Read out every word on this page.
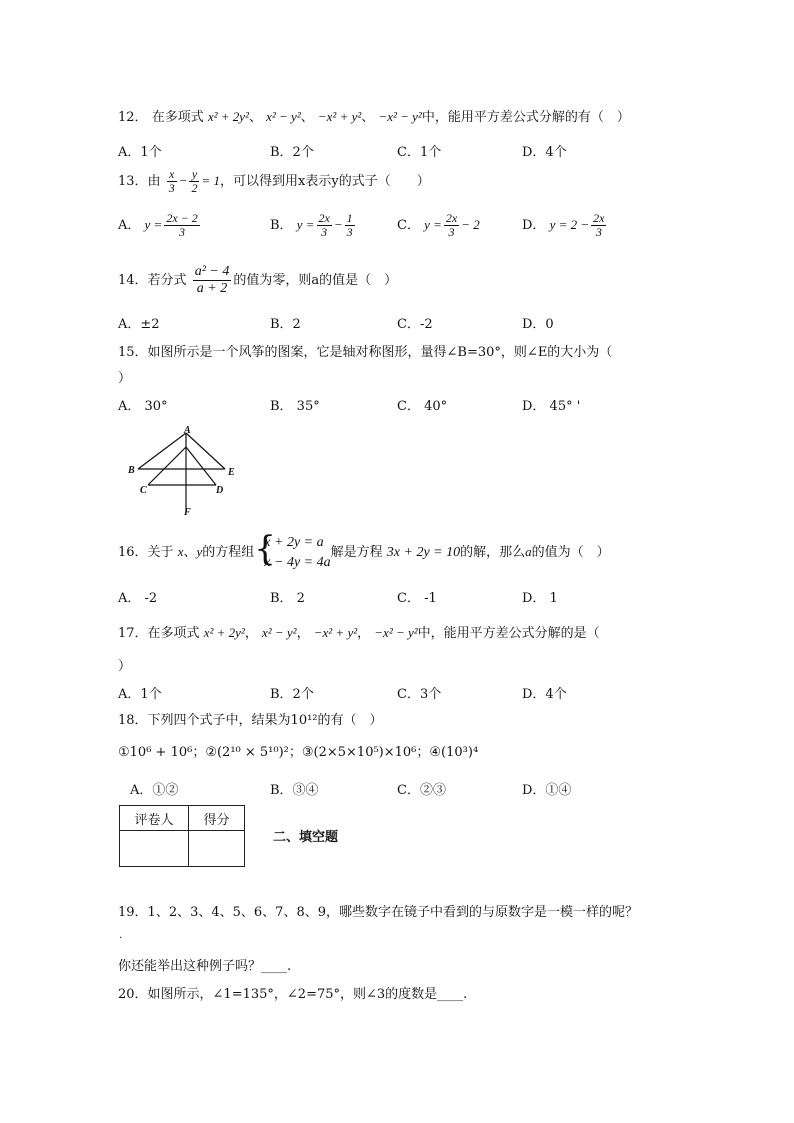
12． 在多项式 x² + 2y²、 x² − y²、 −x² + y²、 −x² − y²中，能用平方差公式分解的有（　）
A．1个	B．2个	C．1个	D．4个
13．由 $\frac{x}{3} - \frac{y}{2} = 1$，可以得到用x表示y的式子（　　）
A． $y = \frac{2x - 2}{3}$	B． $y = \frac{2x}{3} - \frac{1}{3}$	C． $y = \frac{2x}{3} - 2$	D． $y = 2 - \frac{2x}{3}$
14．若分式 $\frac{\text{a² − 4}}{a + 2}$ 的值为零，则a的值是（　）
A．±2	B．2	C．-2	D．0
15．如图所示是一个风筝的图案，它是轴对称图形，量得∠B=30°，则∠E的大小为（
）
A． 30°	B． 35°	C． 40°	D． 45° '
A
B
C	D
E
F
16．关于 x、y的方程组 {
x + 2y = a
x − 4y = 4a
解是方程 3x + 2y = 10的解，那么a的值为（　）
A． -2	B． 2	C． -1	D． 1
17．在多项式 x² + 2y²， x² − y²， −x² + y²， −x² − y²中，能用平方差公式分解的是（
）
A．1个	B．2个	C．3个	D．4个
18．下列四个式子中，结果为10¹²的有（　）
①10⁶ + 10⁶；②(2¹⁰ × 5¹⁰)²；③(2×5×10⁵)×10⁶；④(10³)⁴
A．①②	B．③④	C．②③	D．①④
评卷人	得分

二、填空题
19．1、2、3、4、5、6、7、8、9，哪些数字在镜子中看到的与原数字是一模一样的呢？
.
你还能举出这种例子吗？____.
20．如图所示，∠1=135°，∠2=75°，则∠3的度数是____.
